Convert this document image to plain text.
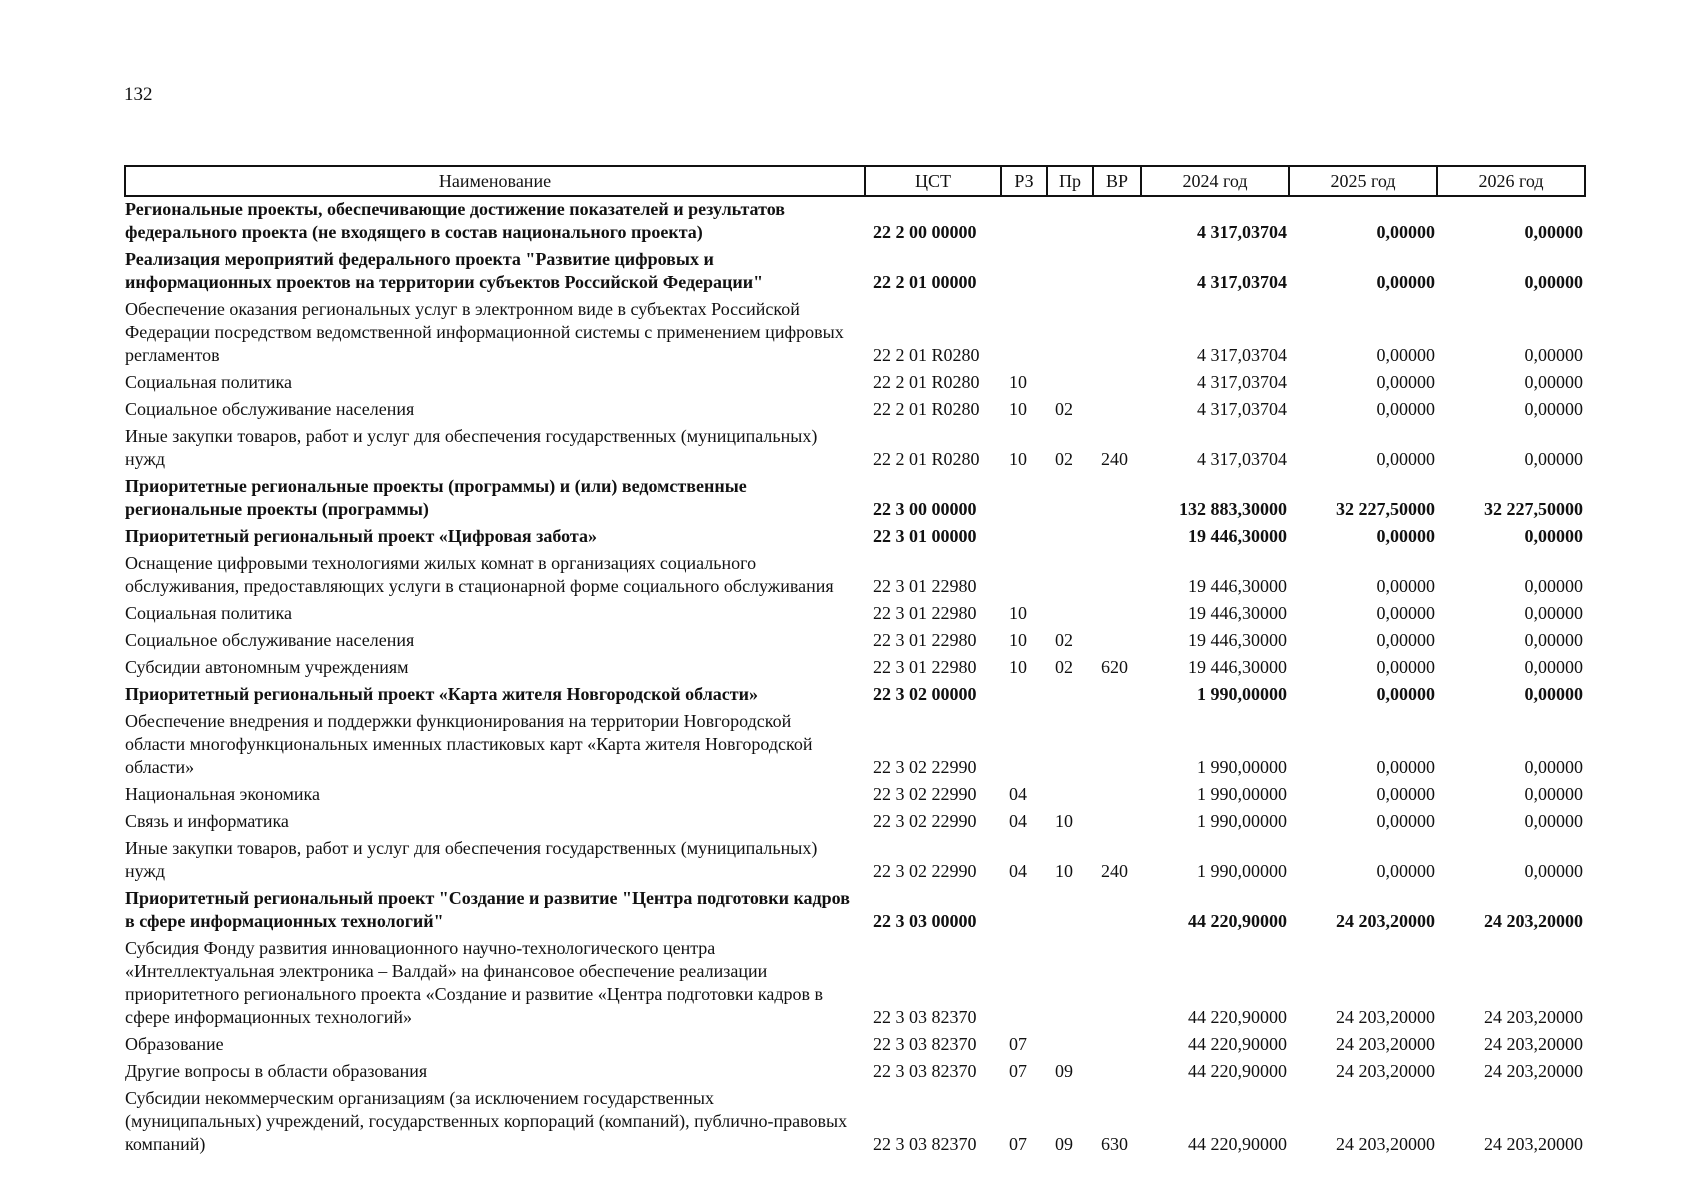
132
Наименование	ЦСТ	РЗ	Пр	ВР	2024 год	2025 год	2026 год
Региональные проекты, обеспечивающие достижение показателей и результатов федерального проекта (не входящего в состав национального проекта)	22 2 00 00000				4 317,03704	0,00000	0,00000
Реализация мероприятий федерального проекта "Развитие цифровых и информационных проектов на территории субъектов Российской Федерации"	22 2 01 00000				4 317,03704	0,00000	0,00000
Обеспечение оказания региональных услуг в электронном виде в субъектах Российской Федерации посредством ведомственной информационной системы с применением цифровых регламентов	22 2 01 R0280				4 317,03704	0,00000	0,00000
Социальная политика	22 2 01 R0280	10			4 317,03704	0,00000	0,00000
Социальное обслуживание населения	22 2 01 R0280	10	02		4 317,03704	0,00000	0,00000
Иные закупки товаров, работ и услуг для обеспечения государственных (муниципальных) нужд	22 2 01 R0280	10	02	240	4 317,03704	0,00000	0,00000
Приоритетные региональные проекты (программы) и (или) ведомственные региональные проекты (программы)	22 3 00 00000				132 883,30000	32 227,50000	32 227,50000
Приоритетный региональный проект «Цифровая забота»	22 3 01 00000				19 446,30000	0,00000	0,00000
Оснащение цифровыми технологиями жилых комнат в организациях социального обслуживания, предоставляющих услуги в стационарной форме социального обслуживания	22 3 01 22980				19 446,30000	0,00000	0,00000
Социальная политика	22 3 01 22980	10			19 446,30000	0,00000	0,00000
Социальное обслуживание населения	22 3 01 22980	10	02		19 446,30000	0,00000	0,00000
Субсидии автономным учреждениям	22 3 01 22980	10	02	620	19 446,30000	0,00000	0,00000
Приоритетный региональный проект «Карта жителя Новгородской области»	22 3 02 00000				1 990,00000	0,00000	0,00000
Обеспечение внедрения и поддержки функционирования на территории Новгородской области многофункциональных именных пластиковых карт «Карта жителя Новгородской области»	22 3 02 22990				1 990,00000	0,00000	0,00000
Национальная экономика	22 3 02 22990	04			1 990,00000	0,00000	0,00000
Связь и информатика	22 3 02 22990	04	10		1 990,00000	0,00000	0,00000
Иные закупки товаров, работ и услуг для обеспечения государственных (муниципальных) нужд	22 3 02 22990	04	10	240	1 990,00000	0,00000	0,00000
Приоритетный региональный проект "Создание и развитие "Центра подготовки кадров в сфере информационных технологий"	22 3 03 00000				44 220,90000	24 203,20000	24 203,20000
Субсидия Фонду развития инновационного научно-технологического центра «Интеллектуальная электроника – Валдай» на финансовое обеспечение реализации приоритетного регионального проекта «Создание и развитие «Центра подготовки кадров в сфере информационных технологий»	22 3 03 82370				44 220,90000	24 203,20000	24 203,20000
Образование	22 3 03 82370	07			44 220,90000	24 203,20000	24 203,20000
Другие вопросы в области образования	22 3 03 82370	07	09		44 220,90000	24 203,20000	24 203,20000
Субсидии некоммерческим организациям (за исключением государственных (муниципальных) учреждений, государственных корпораций (компаний), публично-правовых компаний)	22 3 03 82370	07	09	630	44 220,90000	24 203,20000	24 203,20000
